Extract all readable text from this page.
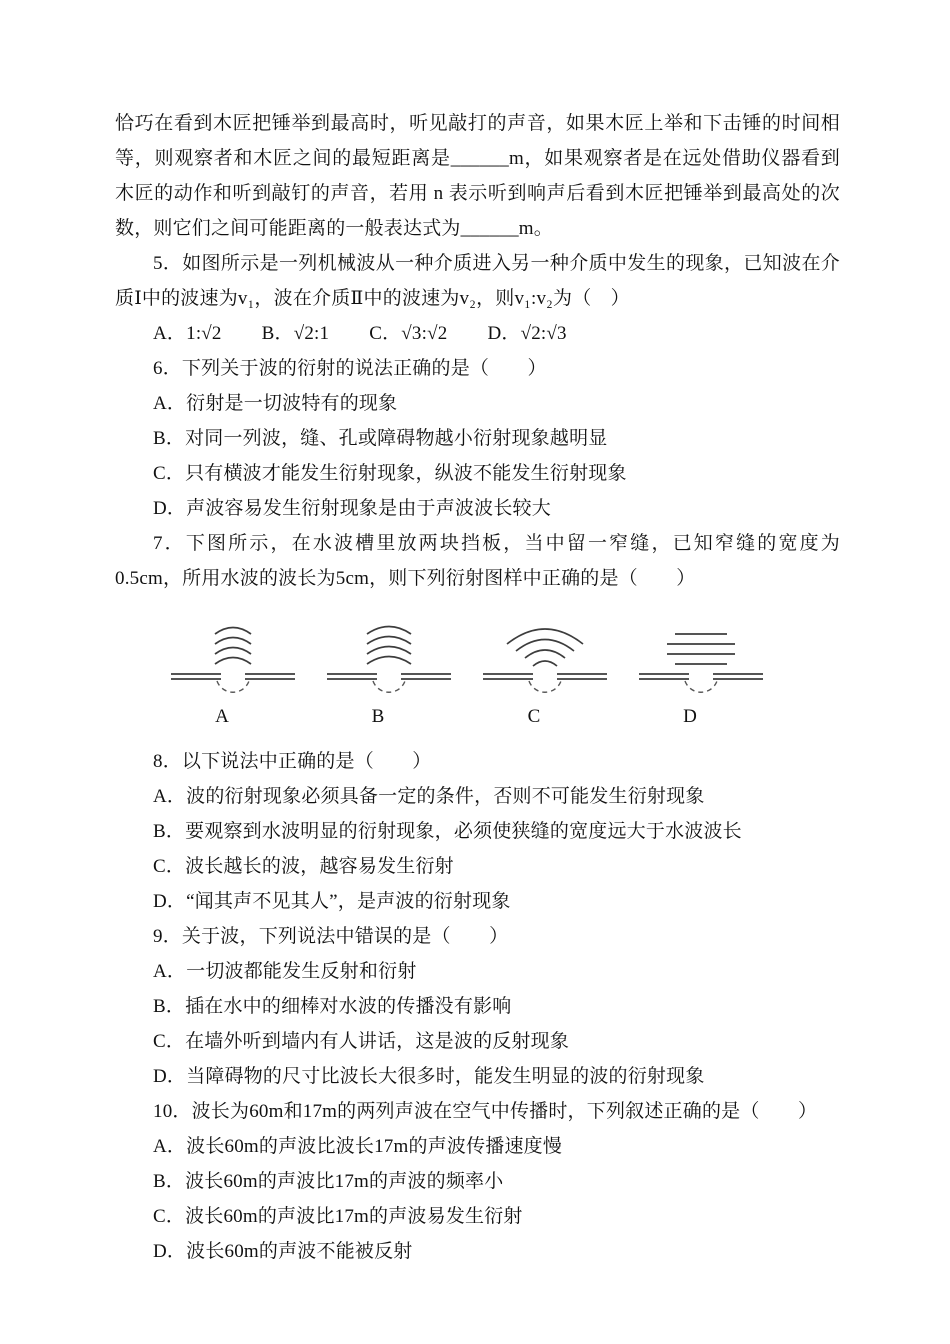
恰巧在看到木匠把锤举到最高时，听见敲打的声音，如果木匠上举和下击锤的时间相等，则观察者和木匠之间的最短距离是______m，如果观察者是在远处借助仪器看到木匠的动作和听到敲钉的声音，若用 n 表示听到响声后看到木匠把锤举到最高处的次数，则它们之间可能距离的一般表达式为______m。

5．如图所示是一列机械波从一种介质进入另一种介质中发生的现象，已知波在介质Ⅰ中的波速为v₁，波在介质Ⅱ中的波速为v₂，则v₁:v₂为（　）

A．1:√2 B．√2:1 C．√3:√2 D．√2:√3

6．下列关于波的衍射的说法正确的是（　　）

A．衍射是一切波特有的现象

B．对同一列波，缝、孔或障碍物越小衍射现象越明显

C．只有横波才能发生衍射现象，纵波不能发生衍射现象

D．声波容易发生衍射现象是由于声波波长较大

7．下图所示，在水波槽里放两块挡板，当中留一窄缝，已知窄缝的宽度为0.5cm，所用水波的波长为5cm，则下列衍射图样中正确的是（　　）

A	B	C	D

8．以下说法中正确的是（　　）

A．波的衍射现象必须具备一定的条件，否则不可能发生衍射现象

B．要观察到水波明显的衍射现象，必须使狭缝的宽度远大于水波波长

C．波长越长的波，越容易发生衍射

D．“闻其声不见其人”，是声波的衍射现象

9．关于波，下列说法中错误的是（　　）

A．一切波都能发生反射和衍射

B．插在水中的细棒对水波的传播没有影响

C．在墙外听到墙内有人讲话，这是波的反射现象

D．当障碍物的尺寸比波长大很多时，能发生明显的波的衍射现象

10．波长为60m和17m的两列声波在空气中传播时，下列叙述正确的是（　　）

A．波长60m的声波比波长17m的声波传播速度慢

B．波长60m的声波比17m的声波的频率小

C．波长60m的声波比17m的声波易发生衍射

D．波长60m的声波不能被反射
